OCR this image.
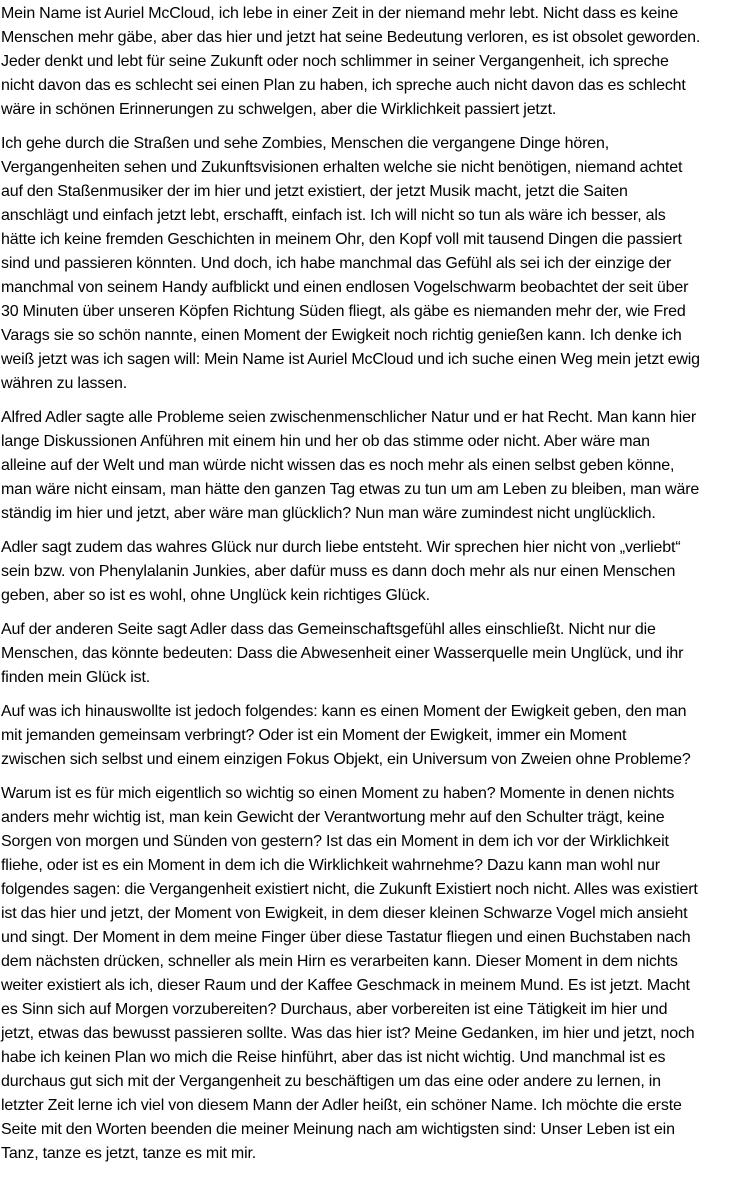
Mein Name ist Auriel McCloud, ich lebe in einer Zeit in der niemand mehr lebt. Nicht dass es keine
Menschen mehr gäbe, aber das hier und jetzt hat seine Bedeutung verloren, es ist obsolet geworden.
Jeder denkt und lebt für seine Zukunft oder noch schlimmer in seiner Vergangenheit, ich spreche
nicht davon das es schlecht sei einen Plan zu haben, ich spreche auch nicht davon das es schlecht
wäre in schönen Erinnerungen zu schwelgen, aber die Wirklichkeit passiert jetzt.

Ich gehe durch die Straßen und sehe Zombies, Menschen die vergangene Dinge hören,
Vergangenheiten sehen und Zukunftsvisionen erhalten welche sie nicht benötigen, niemand achtet
auf den Staßenmusiker der im hier und jetzt existiert, der jetzt Musik macht, jetzt die Saiten
anschlägt und einfach jetzt lebt, erschafft, einfach ist. Ich will nicht so tun als wäre ich besser, als
hätte ich keine fremden Geschichten in meinem Ohr, den Kopf voll mit tausend Dingen die passiert
sind und passieren könnten. Und doch, ich habe manchmal das Gefühl als sei ich der einzige der
manchmal von seinem Handy aufblickt und einen endlosen Vogelschwarm beobachtet der seit über
30 Minuten über unseren Köpfen Richtung Süden fliegt, als gäbe es niemanden mehr der, wie Fred
Varags sie so schön nannte, einen Moment der Ewigkeit noch richtig genießen kann. Ich denke ich
weiß jetzt was ich sagen will: Mein Name ist Auriel McCloud und ich suche einen Weg mein jetzt ewig
währen zu lassen.

Alfred Adler sagte alle Probleme seien zwischenmenschlicher Natur und er hat Recht. Man kann hier
lange Diskussionen Anführen mit einem hin und her ob das stimme oder nicht. Aber wäre man
alleine auf der Welt und man würde nicht wissen das es noch mehr als einen selbst geben könne,
man wäre nicht einsam, man hätte den ganzen Tag etwas zu tun um am Leben zu bleiben, man wäre
ständig im hier und jetzt, aber wäre man glücklich? Nun man wäre zumindest nicht unglücklich.

Adler sagt zudem das wahres Glück nur durch liebe entsteht. Wir sprechen hier nicht von „verliebt“
sein bzw. von Phenylalanin Junkies, aber dafür muss es dann doch mehr als nur einen Menschen
geben, aber so ist es wohl, ohne Unglück kein richtiges Glück.

Auf der anderen Seite sagt Adler dass das Gemeinschaftsgefühl alles einschließt. Nicht nur die
Menschen, das könnte bedeuten: Dass die Abwesenheit einer Wasserquelle mein Unglück, und ihr
finden mein Glück ist.

Auf was ich hinauswollte ist jedoch folgendes: kann es einen Moment der Ewigkeit geben, den man
mit jemanden gemeinsam verbringt? Oder ist ein Moment der Ewigkeit, immer ein Moment
zwischen sich selbst und einem einzigen Fokus Objekt, ein Universum von Zweien ohne Probleme?

Warum ist es für mich eigentlich so wichtig so einen Moment zu haben? Momente in denen nichts
anders mehr wichtig ist, man kein Gewicht der Verantwortung mehr auf den Schulter trägt, keine
Sorgen von morgen und Sünden von gestern? Ist das ein Moment in dem ich vor der Wirklichkeit
fliehe, oder ist es ein Moment in dem ich die Wirklichkeit wahrnehme? Dazu kann man wohl nur
folgendes sagen: die Vergangenheit existiert nicht, die Zukunft Existiert noch nicht. Alles was existiert
ist das hier und jetzt, der Moment von Ewigkeit, in dem dieser kleinen Schwarze Vogel mich ansieht
und singt. Der Moment in dem meine Finger über diese Tastatur fliegen und einen Buchstaben nach
dem nächsten drücken, schneller als mein Hirn es verarbeiten kann. Dieser Moment in dem nichts
weiter existiert als ich, dieser Raum und der Kaffee Geschmack in meinem Mund. Es ist jetzt. Macht
es Sinn sich auf Morgen vorzubereiten? Durchaus, aber vorbereiten ist eine Tätigkeit im hier und
jetzt, etwas das bewusst passieren sollte. Was das hier ist? Meine Gedanken, im hier und jetzt, noch
habe ich keinen Plan wo mich die Reise hinführt, aber das ist nicht wichtig. Und manchmal ist es
durchaus gut sich mit der Vergangenheit zu beschäftigen um das eine oder andere zu lernen, in
letzter Zeit lerne ich viel von diesem Mann der Adler heißt, ein schöner Name. Ich möchte die erste
Seite mit den Worten beenden die meiner Meinung nach am wichtigsten sind: Unser Leben ist ein
Tanz, tanze es jetzt, tanze es mit mir.
